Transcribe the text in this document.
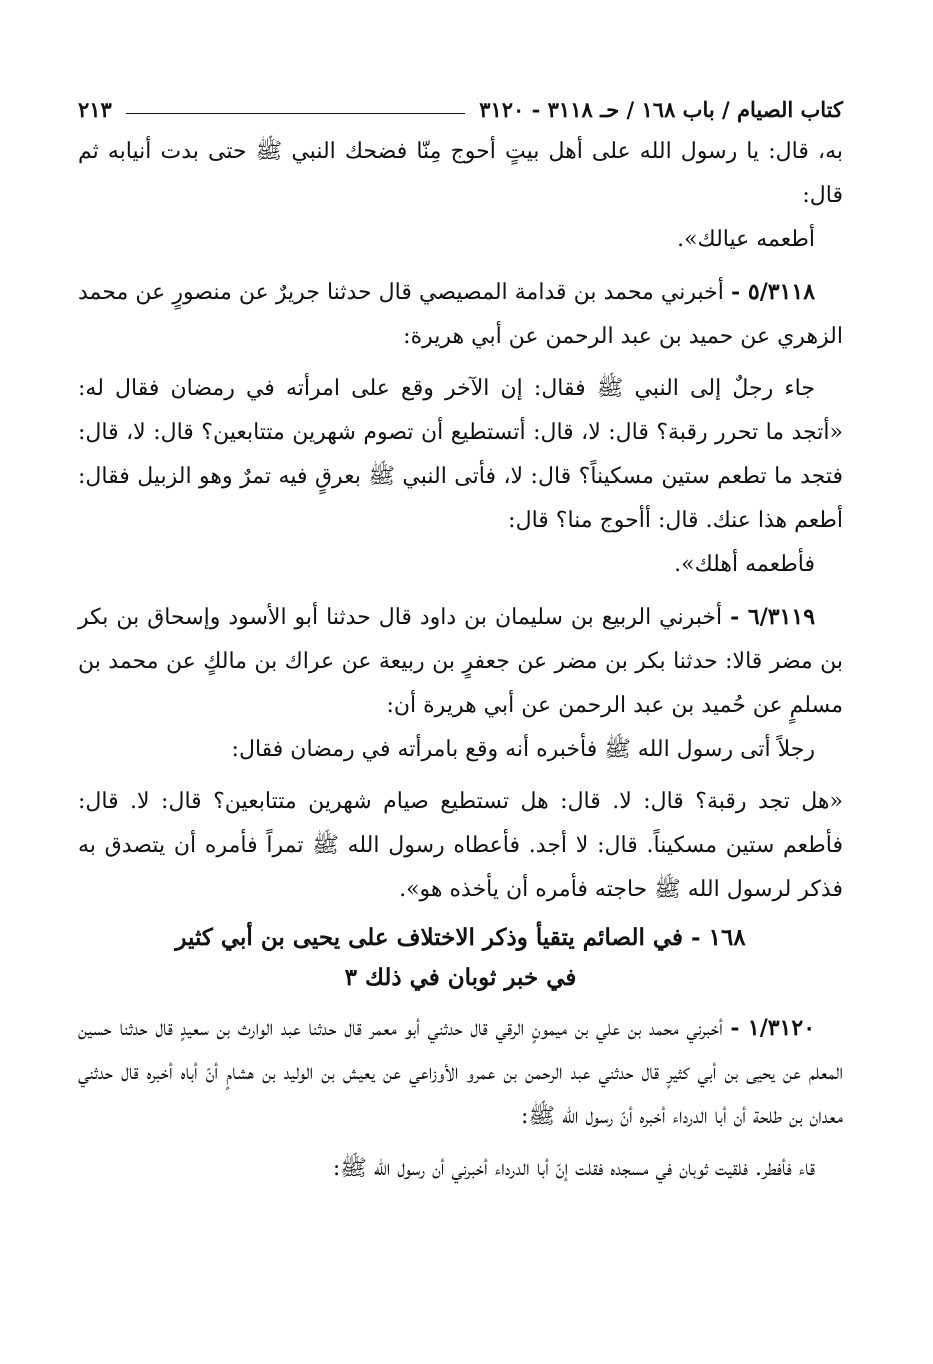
كتاب الصيام / باب ١٦٨ / حـ ٣١١٨ - ٣١٢٠
٢١٣

به، قال: يا رسول الله على أهل بيتٍ أحوج مِنّا فضحك النبي ﷺ حتى بدت أنيابه ثم قال:

أطعمه عيالك».

٥/٣١١٨ - أخبرني محمد بن قدامة المصيصي قال حدثنا جريرٌ عن منصورٍ عن محمد الزهري عن حميد بن عبد الرحمن عن أبي هريرة:

جاء رجلٌ إلى النبي ﷺ فقال: إن الآخر وقع على امرأته في رمضان فقال له: «أتجد ما تحرر رقبة؟ قال: لا، قال: أتستطيع أن تصوم شهرين متتابعين؟ قال: لا، قال: فتجد ما تطعم ستين مسكيناً؟ قال: لا، فأتى النبي ﷺ بعرقٍ فيه تمرٌ وهو الزبيل فقال: أطعم هذا عنك. قال: أأحوج منا؟ قال:

فأطعمه أهلك».

٦/٣١١٩ - أخبرني الربيع بن سليمان بن داود قال حدثنا أبو الأسود وإسحاق بن بكر بن مضر قالا: حدثنا بكر بن مضر عن جعفرٍ بن ربيعة عن عراك بن مالكٍ عن محمد بن مسلمٍ عن حُميد بن عبد الرحمن عن أبي هريرة أن:

رجلاً أتى رسول الله ﷺ فأخبره أنه وقع بامرأته في رمضان فقال:

«هل تجد رقبة؟ قال: لا. قال: هل تستطيع صيام شهرين متتابعين؟ قال: لا. قال: فأطعم ستين مسكيناً. قال: لا أجد. فأعطاه رسول الله ﷺ تمراً فأمره أن يتصدق به فذكر لرسول الله ﷺ حاجته فأمره أن يأخذه هو».

١٦٨ - في الصائم يتقيأ وذكر الاختلاف على يحيى بن أبي كثير
في خبر ثوبان في ذلك ٣

١/٣١٢٠ - أخبرني محمد بن علي بن ميمونٍ الرقي قال حدثني أبو معمر قال حدثنا عبد الوارث بن سعيدٍ قال حدثنا حسين المعلم عن يحيى بن أبي كثيرٍ قال حدثني عبد الرحمن بن عمرو الأوزاعي عن يعيش بن الوليد بن هشامٍ أنّ أباه أخبره قال حدثني معدان بن طلحة أن أبا الدرداء أخبره أنّ رسول الله ﷺ:

قاء فأفطر. فلقيت ثوبان في مسجده فقلت إنّ أبا الدرداء أخبرني أن رسول الله ﷺ:
